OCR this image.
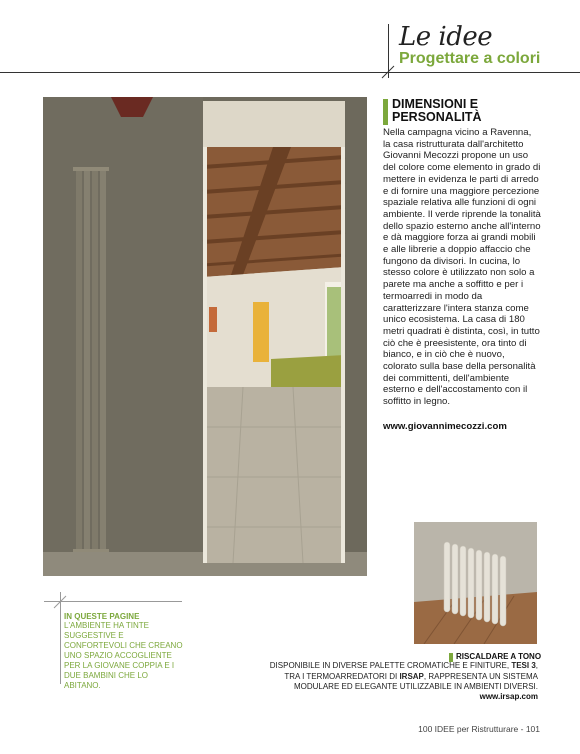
Le idee
Progettare a colori
DIMENSIONI E PERSONALITÀ
Nella campagna vicino a Ravenna, la casa ristrutturata dall'architetto Giovanni Mecozzi propone un uso del colore come elemento in grado di mettere in evidenza le parti di arredo e di fornire una maggiore percezione spaziale relativa alle funzioni di ogni ambiente. Il verde riprende la tonalità dello spazio esterno anche all'interno e dà maggiore forza ai grandi mobili e alle librerie a doppio affaccio che fungono da divisori. In cucina, lo stesso colore è utilizzato non solo a parete ma anche a soffitto e per i termoarredi in modo da caratterizzare l'intera stanza come unico ecosistema. La casa di 180 metri quadrati è distinta, così, in tutto ciò che è preesistente, ora tinto di bianco, e in ciò che è nuovo, colorato sulla base della personalità dei committenti, dell'ambiente esterno e dell'accostamento con il soffitto in legno.
www.giovannimecozzi.com
RISCALDARE A TONO
DISPONIBILE IN DIVERSE PALETTE CROMATICHE E FINITURE, TESI 3, TRA I TERMOARREDATORI DI IRSAP, RAPPRESENTA UN SISTEMA MODULARE ED ELEGANTE UTILIZZABILE IN AMBIENTI DIVERSI.
www.irsap.com
IN QUESTE PAGINE
L'AMBIENTE HA TINTE SUGGESTIVE E CONFORTEVOLI CHE CREANO UNO SPAZIO ACCOGLIENTE PER LA GIOVANE COPPIA E I DUE BAMBINI CHE LO ABITANO.
100 IDEE per Ristrutturare - 101
